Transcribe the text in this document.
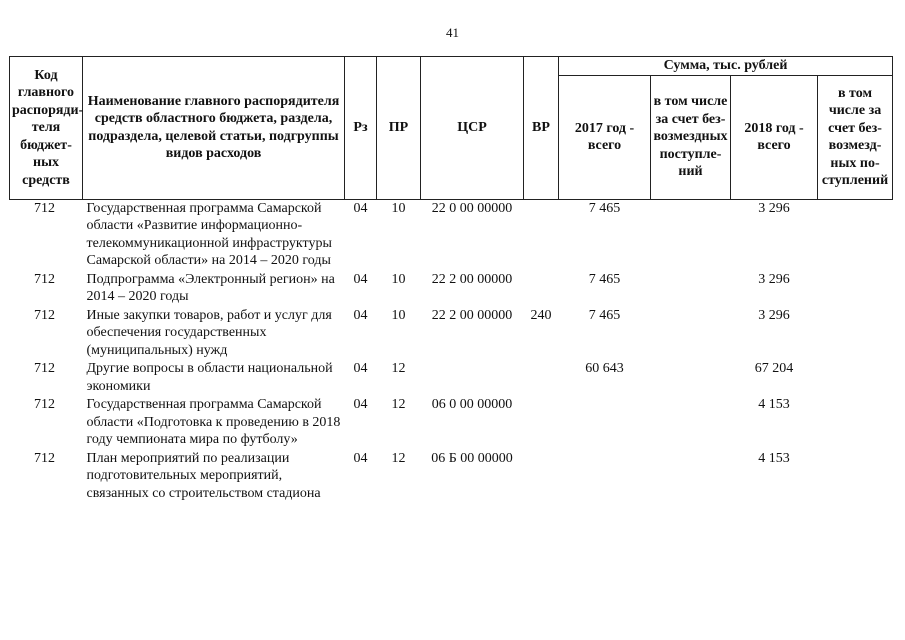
41
Код главного распорядителя бюджетных средств	Наименование главного распорядителя средств областного бюджета, раздела, подраздела, целевой статьи, подгруппы видов расходов	Рз	ПР	ЦСР	ВР	Сумма, тыс. рублей			
						2017 год - всего	в том числе за счет безвозмездных поступлений	2018 год - всего	в том числе за счет безвозмездных поступлений
712	Государственная программа Самарской области «Развитие информационно-телекоммуникационной инфраструктуры Самарской области» на 2014 – 2020 годы	04	10	22 0 00 00000		7 465		3 296	
712	Подпрограмма «Электронный регион» на 2014 – 2020 годы	04	10	22 2 00 00000		7 465		3 296	
712	Иные закупки товаров, работ и услуг для обеспечения государственных (муниципальных) нужд	04	10	22 2 00 00000	240	7 465		3 296	
712	Другие вопросы в области национальной экономики	04	12			60 643		67 204	
712	Государственная программа Самарской области «Подготовка к проведению в 2018 году чемпионата мира по футболу»	04	12	06 0 00 00000				4 153	
712	План мероприятий по реализации подготовительных мероприятий, связанных со строительством стадиона	04	12	06 Б 00 00000				4 153	
